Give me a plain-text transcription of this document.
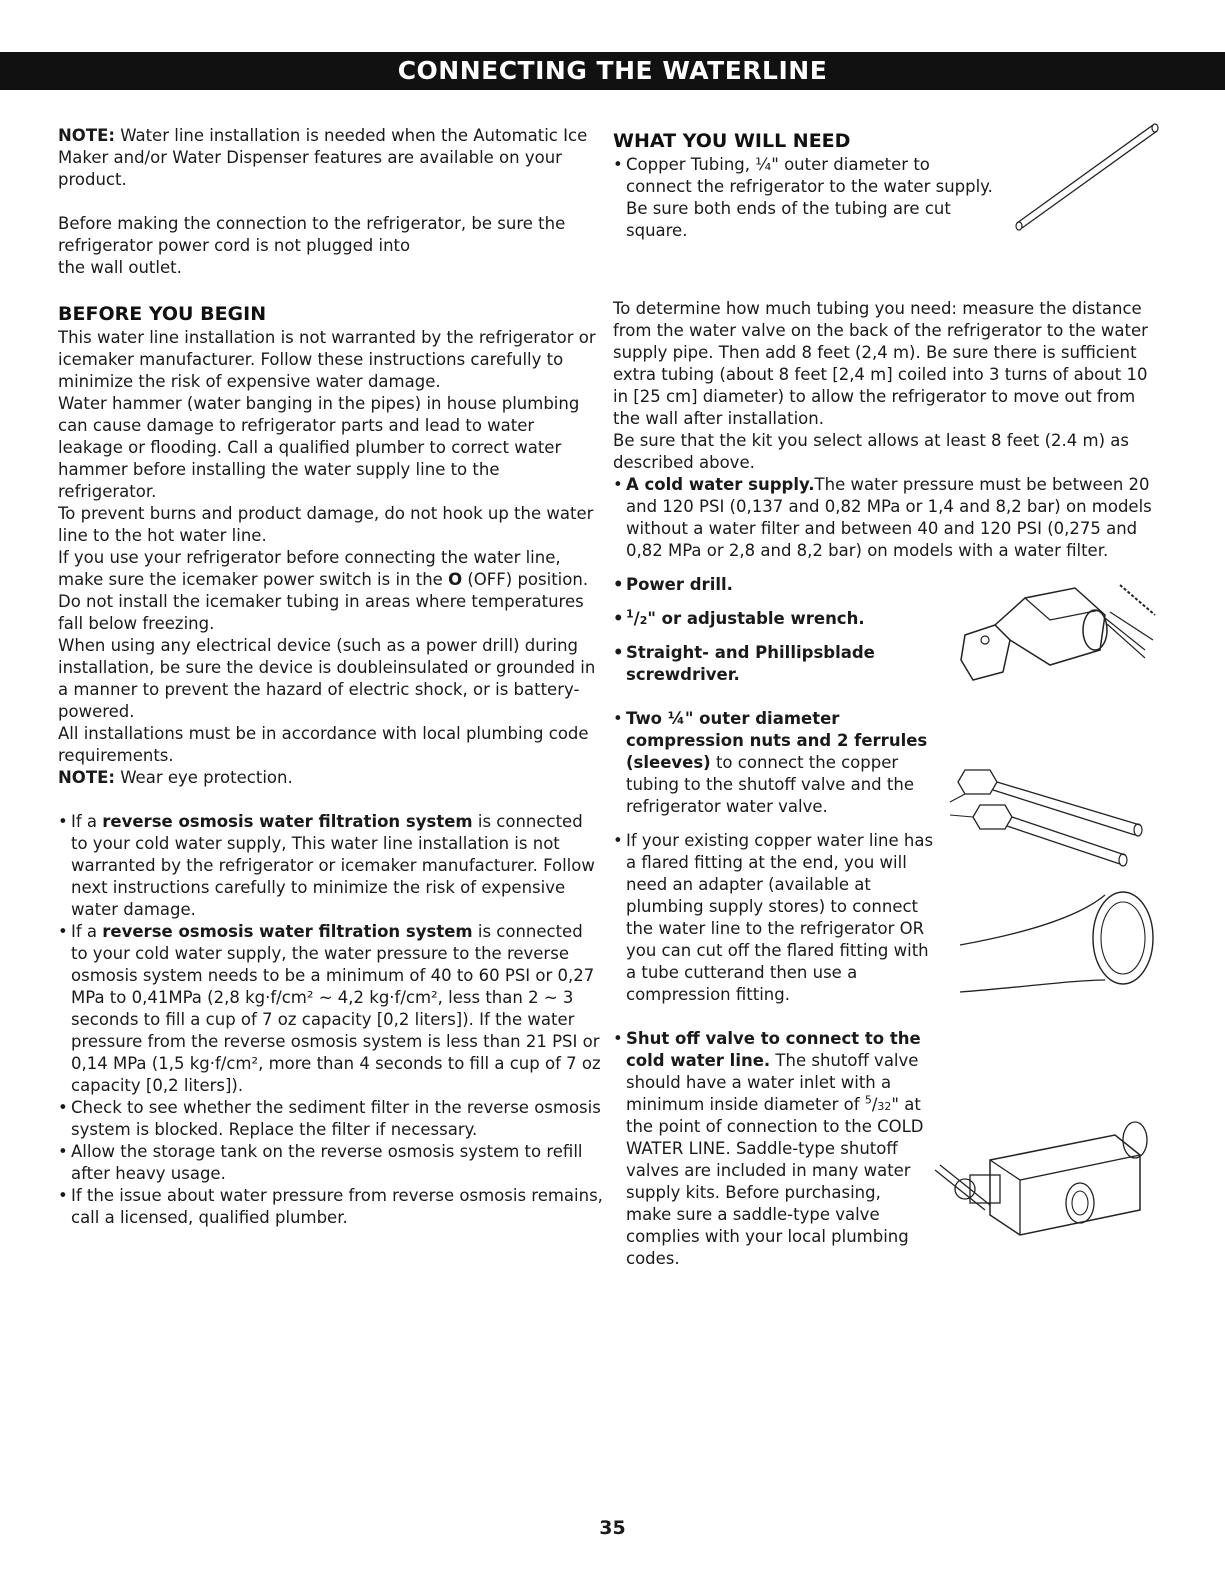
CONNECTING THE WATERLINE

NOTE: Water line installation is needed when the Automatic Ice Maker and/or Water Dispenser features are available on your product.

Before making the connection to the refrigerator, be sure the refrigerator power cord is not plugged into
the wall outlet.

BEFORE YOU BEGIN

This water line installation is not warranted by the refrigerator or icemaker manufacturer. Follow these instructions carefully to minimize the risk of expensive water damage.

Water hammer (water banging in the pipes) in house plumbing can cause damage to refrigerator parts and lead to water leakage or flooding. Call a qualified plumber to correct water hammer before installing the water supply line to the refrigerator.

To prevent burns and product damage, do not hook up the water line to the hot water line.

If you use your refrigerator before connecting the water line, make sure the icemaker power switch is in the O (OFF) position.

Do not install the icemaker tubing in areas where temperatures fall below freezing.

When using any electrical device (such as a power drill) during installation, be sure the device is doubleinsulated or grounded in a manner to prevent the hazard of electric shock, or is battery-powered.

All installations must be in accordance with local plumbing code requirements.

NOTE: Wear eye protection.

• If a reverse osmosis water filtration system is connected to your cold water supply, This water line installation is not warranted by the refrigerator or icemaker manufacturer. Follow next instructions carefully to minimize the risk of expensive water damage.

• If a reverse osmosis water filtration system is connected to your cold water supply, the water pressure to the reverse osmosis system needs to be a minimum of 40 to 60 PSI or 0,27 MPa to 0,41MPa (2,8 kg·f/cm² ~ 4,2 kg·f/cm², less than 2 ~ 3 seconds to fill a cup of 7 oz capacity [0,2 liters]). If the water pressure from the reverse osmosis system is less than 21 PSI or 0,14 MPa (1,5 kg·f/cm², more than 4 seconds to fill a cup of 7 oz capacity [0,2 liters]).

• Check to see whether the sediment filter in the reverse osmosis system is blocked. Replace the filter if necessary.

• Allow the storage tank on the reverse osmosis system to refill after heavy usage.

• If the issue about water pressure from reverse osmosis remains, call a licensed, qualified plumber.

WHAT YOU WILL NEED

• Copper Tubing, ¼" outer diameter to connect the refrigerator to the water supply. Be sure both ends of the tubing are cut square.

To determine how much tubing you need: measure the distance from the water valve on the back of the refrigerator to the water supply pipe. Then add 8 feet (2,4 m). Be sure there is sufficient extra tubing (about 8 feet [2,4 m] coiled into 3 turns of about 10 in [25 cm] diameter) to allow the refrigerator to move out from the wall after installation.

Be sure that the kit you select allows at least 8 feet (2.4 m) as described above.

• A cold water supply.The water pressure must be between 20 and 120 PSI (0,137 and 0,82 MPa or 1,4 and 8,2 bar) on models without a water filter and between 40 and 120 PSI (0,275 and 0,82 MPa or 2,8 and 8,2 bar) on models with a water filter.

• Power drill.

• $^1$/2" or adjustable wrench.

• Straight- and Phillipsblade screwdriver.

• Two ¼" outer diameter compression nuts and 2 ferrules (sleeves) to connect the copper tubing to the shutoff valve and the refrigerator water valve.

• If your existing copper water line has a flared fitting at the end, you will need an adapter (available at plumbing supply stores) to connect the water line to the refrigerator OR you can cut off the flared fitting with a tube cutterand then use a compression fitting.

• Shut off valve to connect to the cold water line. The shutoff valve should have a water inlet with a minimum inside diameter of $^5$/32" at the point of connection to the COLD WATER LINE. Saddle-type shutoff valves are included in many water supply kits. Before purchasing, make sure a saddle-type valve complies with your local plumbing codes.

35
